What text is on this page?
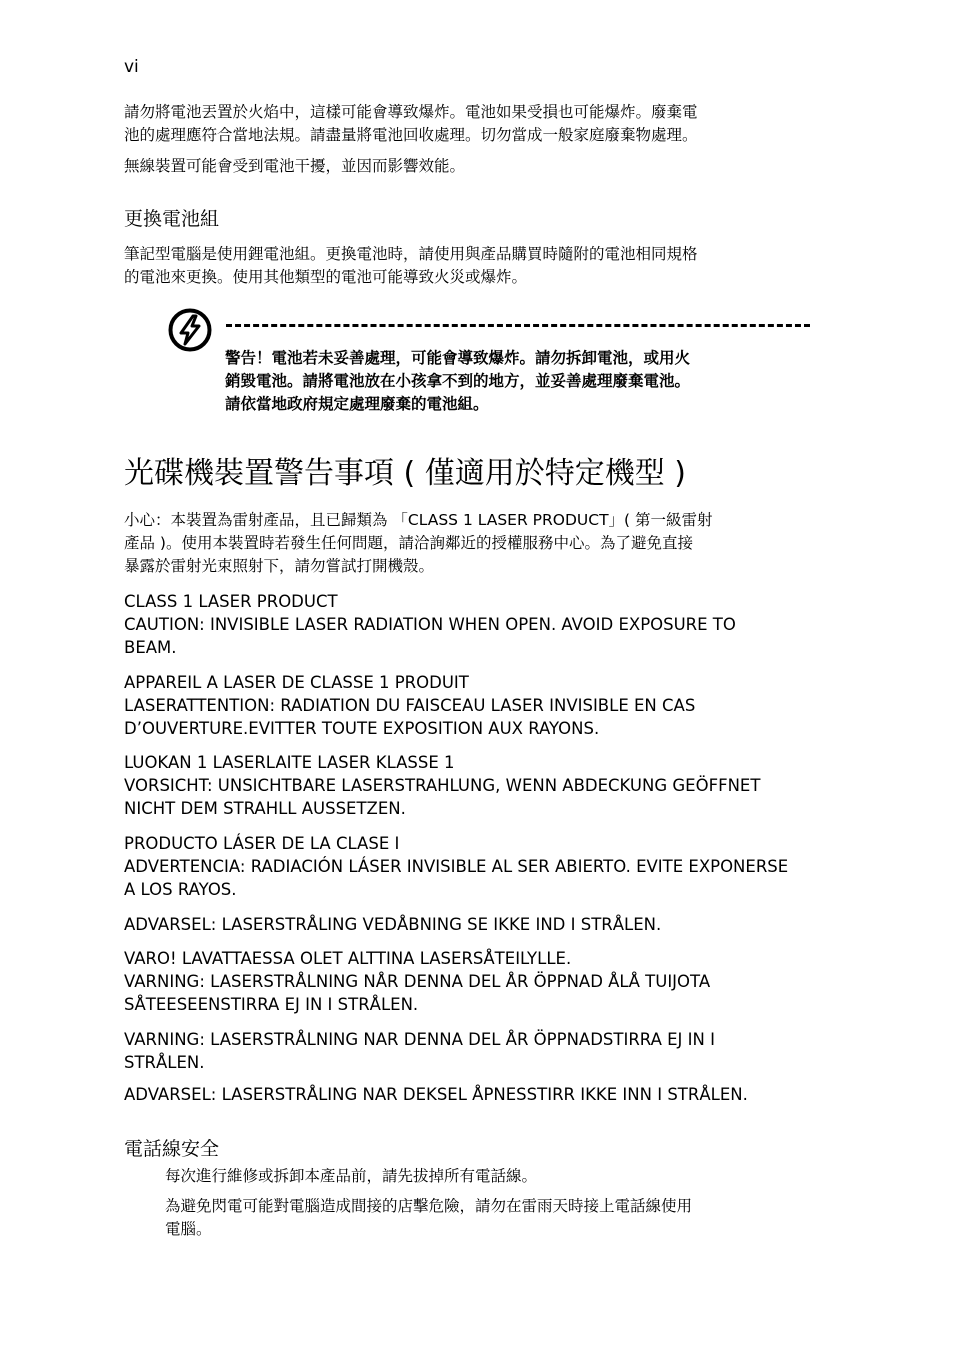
vi
請勿將電池丟置於火焰中，這樣可能會導致爆炸。電池如果受損也可能爆炸。廢棄電
池的處理應符合當地法規。請盡量將電池回收處理。切勿當成一般家庭廢棄物處理。
無線裝置可能會受到電池干擾，並因而影響效能。
更換電池組
筆記型電腦是使用鋰電池組。更換電池時，請使用與產品購買時隨附的電池相同規格
的電池來更換。使用其他類型的電池可能導致火災或爆炸。
警告！電池若未妥善處理，可能會導致爆炸。請勿拆卸電池，或用火
銷毀電池。請將電池放在小孩拿不到的地方，並妥善處理廢棄電池。
請依當地政府規定處理廢棄的電池組。
光碟機裝置警告事項 ( 僅適用於特定機型 )
小心：本裝置為雷射產品，且已歸類為 「CLASS 1 LASER PRODUCT」( 第一級雷射
產品 )。使用本裝置時若發生任何問題，請洽詢鄰近的授權服務中心。為了避免直接
暴露於雷射光束照射下，請勿嘗試打開機殼。
CLASS 1 LASER PRODUCT
CAUTION: INVISIBLE LASER RADIATION WHEN OPEN. AVOID EXPOSURE TO
BEAM.
APPAREIL A LASER DE CLASSE 1 PRODUIT
LASERATTENTION: RADIATION DU FAISCEAU LASER INVISIBLE EN CAS
D’OUVERTURE.EVITTER TOUTE EXPOSITION AUX RAYONS.
LUOKAN 1 LASERLAITE LASER KLASSE 1
VORSICHT: UNSICHTBARE LASERSTRAHLUNG, WENN ABDECKUNG GEÖFFNET
NICHT DEM STRAHLL AUSSETZEN.
PRODUCTO LÁSER DE LA CLASE I
ADVERTENCIA: RADIACIÓN LÁSER INVISIBLE AL SER ABIERTO. EVITE EXPONERSE
A LOS RAYOS.
ADVARSEL: LASERSTRÅLING VEDÅBNING SE IKKE IND I STRÅLEN.
VARO! LAVATTAESSA OLET ALTTINA LASERSÅTEILYLLE.
VARNING: LASERSTRÅLNING NÅR DENNA DEL ÅR ÖPPNAD ÅLÅ TUIJOTA
SÅTEESEENSTIRRA EJ IN I STRÅLEN.
VARNING: LASERSTRÅLNING NAR DENNA DEL ÅR ÖPPNADSTIRRA EJ IN I
STRÅLEN.
ADVARSEL: LASERSTRÅLING NAR DEKSEL ÅPNESSTIRR IKKE INN I STRÅLEN.
電話線安全
每次進行維修或拆卸本產品前，請先拔掉所有電話線。
為避免閃電可能對電腦造成間接的店擊危險，請勿在雷雨天時接上電話線使用
電腦。
